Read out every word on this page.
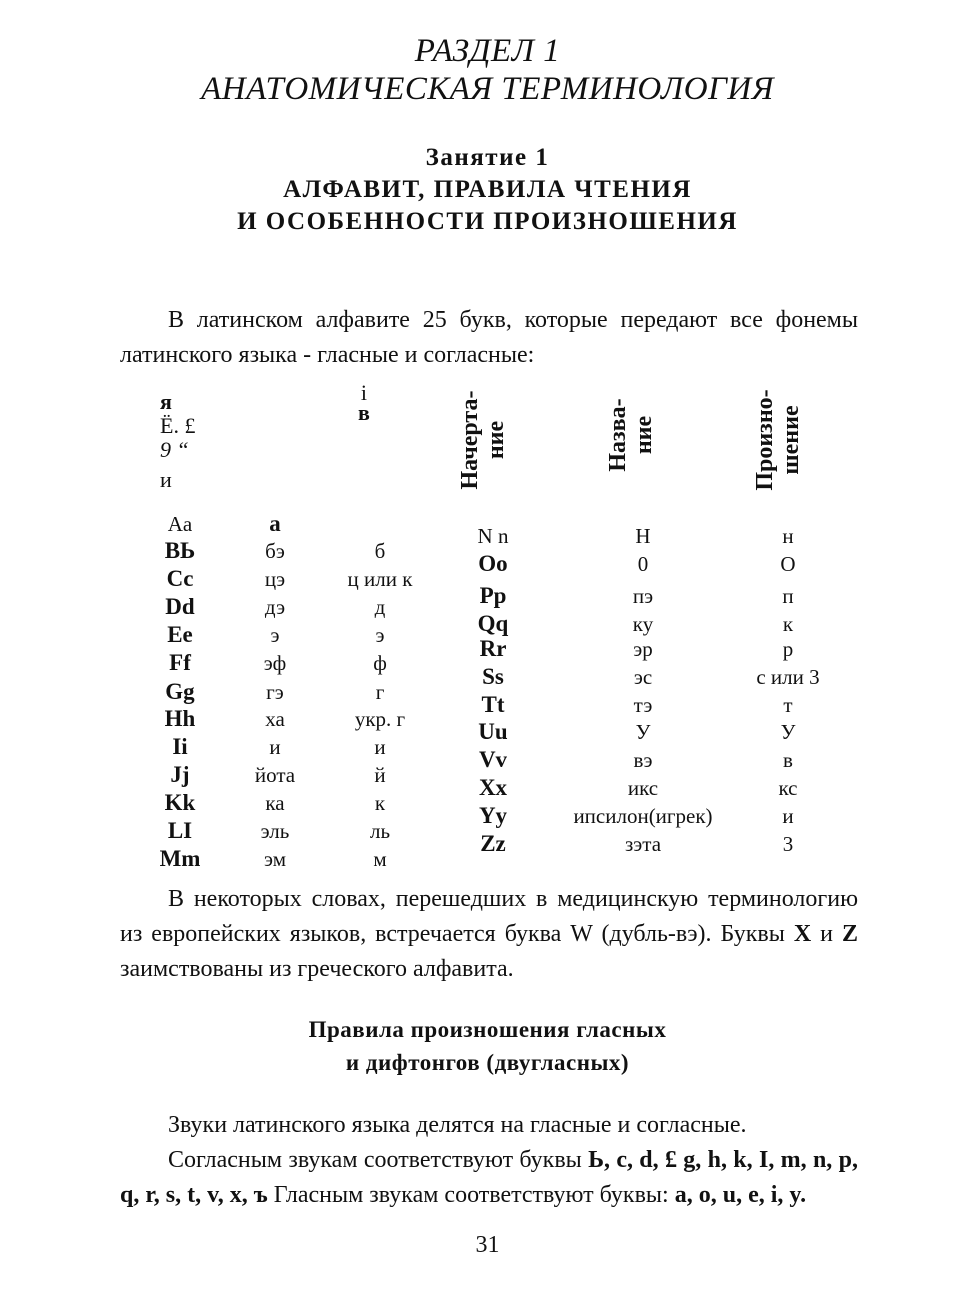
РАЗДЕЛ 1
АНАТОМИЧЕСКАЯ ТЕРМИНОЛОГИЯ
Занятие 1
АЛФАВИТ, ПРАВИЛА ЧТЕНИЯ
И ОСОБЕННОСТИ ПРОИЗНОШЕНИЯ

В латинском алфавите 25 букв, которые передают все фонемы латинского языка - гласные и согласные:

я
Ё. £
9 “
и
i
в	Начерта- ние	Назва- ние	Произно- шение
Аa	а
ВЬ	бэ	б
Cc	цэ	ц или к
Dd	дэ	д
Ee	э	э
Ff	эф	ф
Gg	гэ	г
Hh	ха	укр. г
Ii	и	и
Jj	йота	й
Kk	ка	к
LI	эль	ль
Mm	эм	м
N n	Н	н
Oo	0	О
Pp	пэ	п
Qq	ку	к
Rr	эр	р
Ss	эс	с или 3
Tt	тэ	т
Uu	У	У
Vv	вэ	в
Xx	икс	кс
Yy	ипсилон(игрек)	и
Zz	зэта	3

В некоторых словах, перешедших в медицинскую терминологию из европейских языков, встречается буква W (дубль-вэ). Буквы X и Z заимствованы из греческого алфавита.

Правила произношения гласных
и дифтонгов (двугласных)

Звуки латинского языка делятся на гласные и согласные.

Согласным звукам соответствуют буквы Ь, c, d, £ g, h, k, I, m, n, p, q, r, s, t, v, x, ъ Гласным звукам соответствуют буквы: a, o, u, e, i, y.

31
